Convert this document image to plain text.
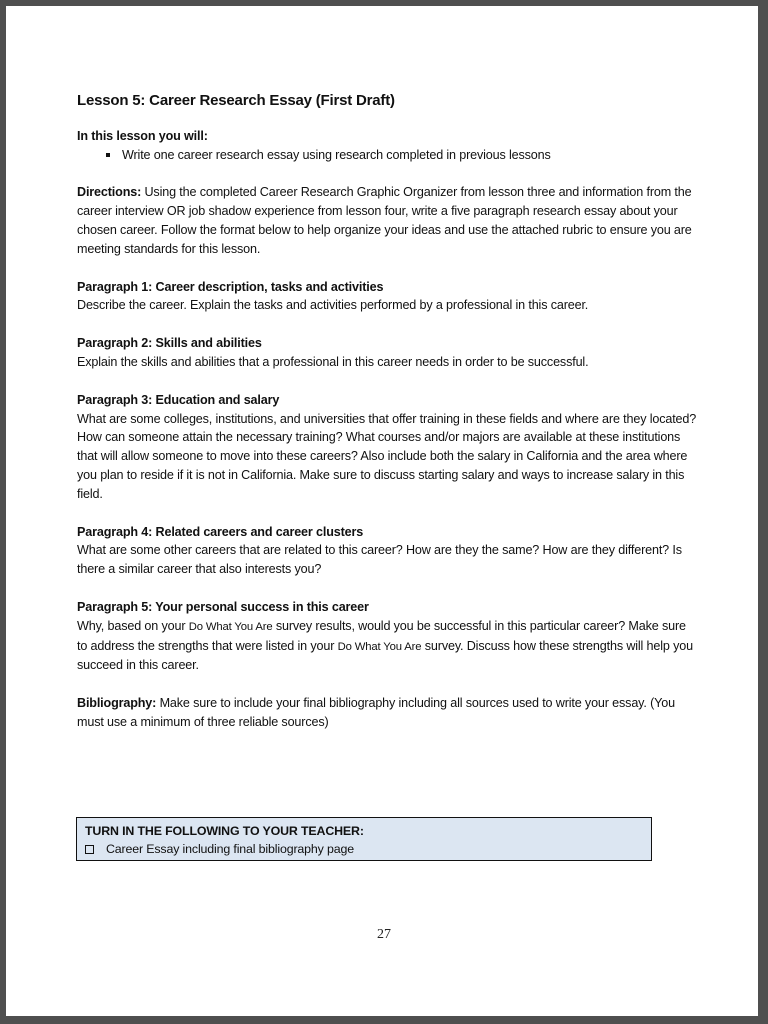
Lesson 5: Career Research Essay (First Draft)

In this lesson you will:

Write one career research essay using research completed in previous lessons

Directions: Using the completed Career Research Graphic Organizer from lesson three and information from the career interview OR job shadow experience from lesson four, write a five paragraph research essay about your chosen career. Follow the format below to help organize your ideas and use the attached rubric to ensure you are meeting standards for this lesson.

Paragraph 1: Career description, tasks and activities

Describe the career. Explain the tasks and activities performed by a professional in this career.

Paragraph 2: Skills and abilities

Explain the skills and abilities that a professional in this career needs in order to be successful.

Paragraph 3: Education and salary

What are some colleges, institutions, and universities that offer training in these fields and where are they located? How can someone attain the necessary training? What courses and/or majors are available at these institutions that will allow someone to move into these careers? Also include both the salary in California and the area where you plan to reside if it is not in California. Make sure to discuss starting salary and ways to increase salary in this field.

Paragraph 4: Related careers and career clusters

What are some other careers that are related to this career? How are they the same? How are they different? Is there a similar career that also interests you?

Paragraph 5: Your personal success in this career

Why, based on your Do What You Are survey results, would you be successful in this particular career? Make sure to address the strengths that were listed in your Do What You Are survey. Discuss how these strengths will help you succeed in this career.

Bibliography: Make sure to include your final bibliography including all sources used to write your essay. (You must use a minimum of three reliable sources)

TURN IN THE FOLLOWING TO YOUR TEACHER:
Career Essay including final bibliography page
27
